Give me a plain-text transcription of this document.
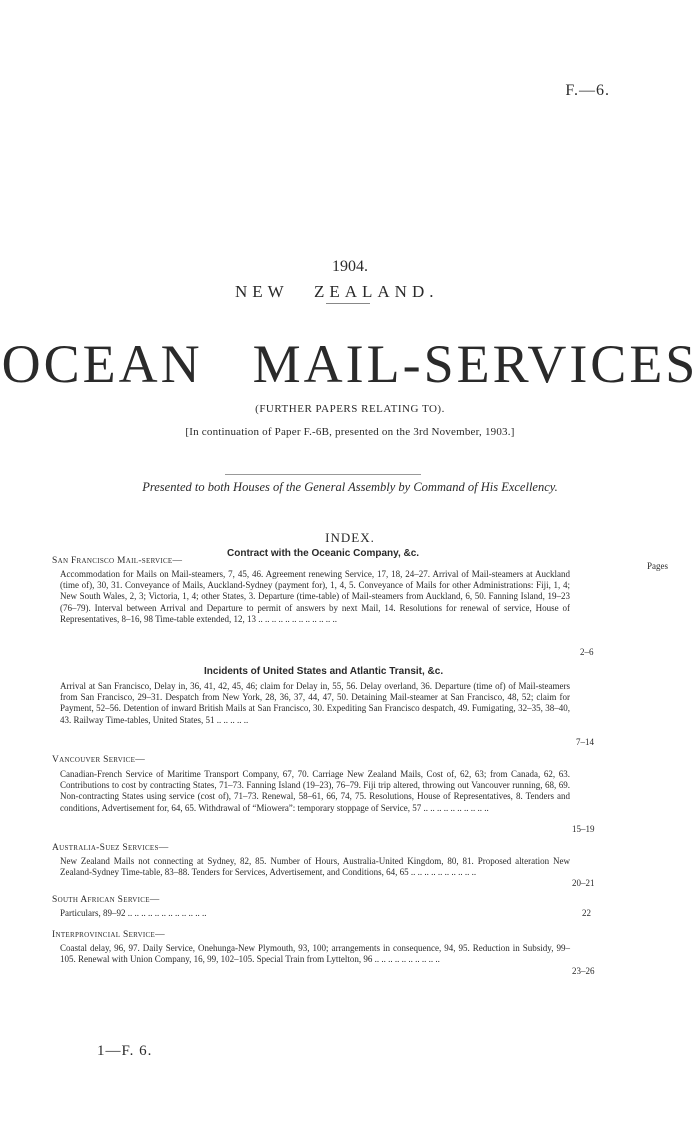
F.—6.
1904.
NEW ZEALAND.
OCEAN MAIL-SERVICES
(FURTHER PAPERS RELATING TO).
[In continuation of Paper F.-6B, presented on the 3rd November, 1903.]
Presented to both Houses of the General Assembly by Command of His Excellency.
INDEX.
Contract with the Oceanic Company, &c.
Pages
San Francisco Mail-service—
Accommodation for Mails on Mail-steamers, 7, 45, 46. Agreement renewing Service, 17, 18, 24–27. Arrival of Mail-steamers at Auckland (time of), 30, 31. Conveyance of Mails, Auckland-Sydney (payment for), 1, 4, 5. Conveyance of Mails for other Administrations: Fiji, 1, 4; New South Wales, 2, 3; Victoria, 1, 4; other States, 3. Departure (time-table) of Mail-steamers from Auckland, 6, 50. Fanning Island, 19–23 (76–79). Interval between Arrival and Departure to permit of answers by next Mail, 14. Resolutions for renewal of service, House of Representatives, 8–16, 98 Time-table extended, 12, 13 .. .. .. .. .. .. .. .. .. .. .. ..
2–6
Incidents of United States and Atlantic Transit, &c.
Arrival at San Francisco, Delay in, 36, 41, 42, 45, 46; claim for Delay in, 55, 56. Delay overland, 36. Departure (time of) of Mail-steamers from San Francisco, 29–31. Despatch from New York, 28, 36, 37, 44, 47, 50. Detaining Mail-steamer at San Francisco, 48, 52; claim for Payment, 52–56. Detention of inward British Mails at San Francisco, 30. Expediting San Francisco despatch, 49. Fumigating, 32–35, 38–40, 43. Railway Time-tables, United States, 51 .. .. .. .. ..
7–14
Vancouver Service—
Canadian-French Service of Maritime Transport Company, 67, 70. Carriage New Zealand Mails, Cost of, 62, 63; from Canada, 62, 63. Contributions to cost by contracting States, 71–73. Fanning Island (19–23), 76–79. Fiji trip altered, throwing out Vancouver running, 68, 69. Non-contracting States using service (cost of), 71–73. Renewal, 58–61, 66, 74, 75. Resolutions, House of Representatives, 8. Tenders and conditions, Advertisement for, 64, 65. Withdrawal of “Miowera”: temporary stoppage of Service, 57 .. .. .. .. .. .. .. .. .. ..
15–19
Australia-Suez Services—
New Zealand Mails not connecting at Sydney, 82, 85. Number of Hours, Australia-United Kingdom, 80, 81. Proposed alteration New Zealand-Sydney Time-table, 83–88. Tenders for Services, Advertisement, and Conditions, 64, 65 .. .. .. .. .. .. .. .. .. ..
20–21
South African Service—
Particulars, 89–92 .. .. .. .. .. .. .. .. .. .. .. ..	22
Interprovincial Service—
Coastal delay, 96, 97. Daily Service, Onehunga-New Plymouth, 93, 100; arrangements in consequence, 94, 95. Reduction in Subsidy, 99–105. Renewal with Union Company, 16, 99, 102–105. Special Train from Lyttelton, 96 .. .. .. .. .. .. .. .. .. ..
23–26
1—F. 6.
